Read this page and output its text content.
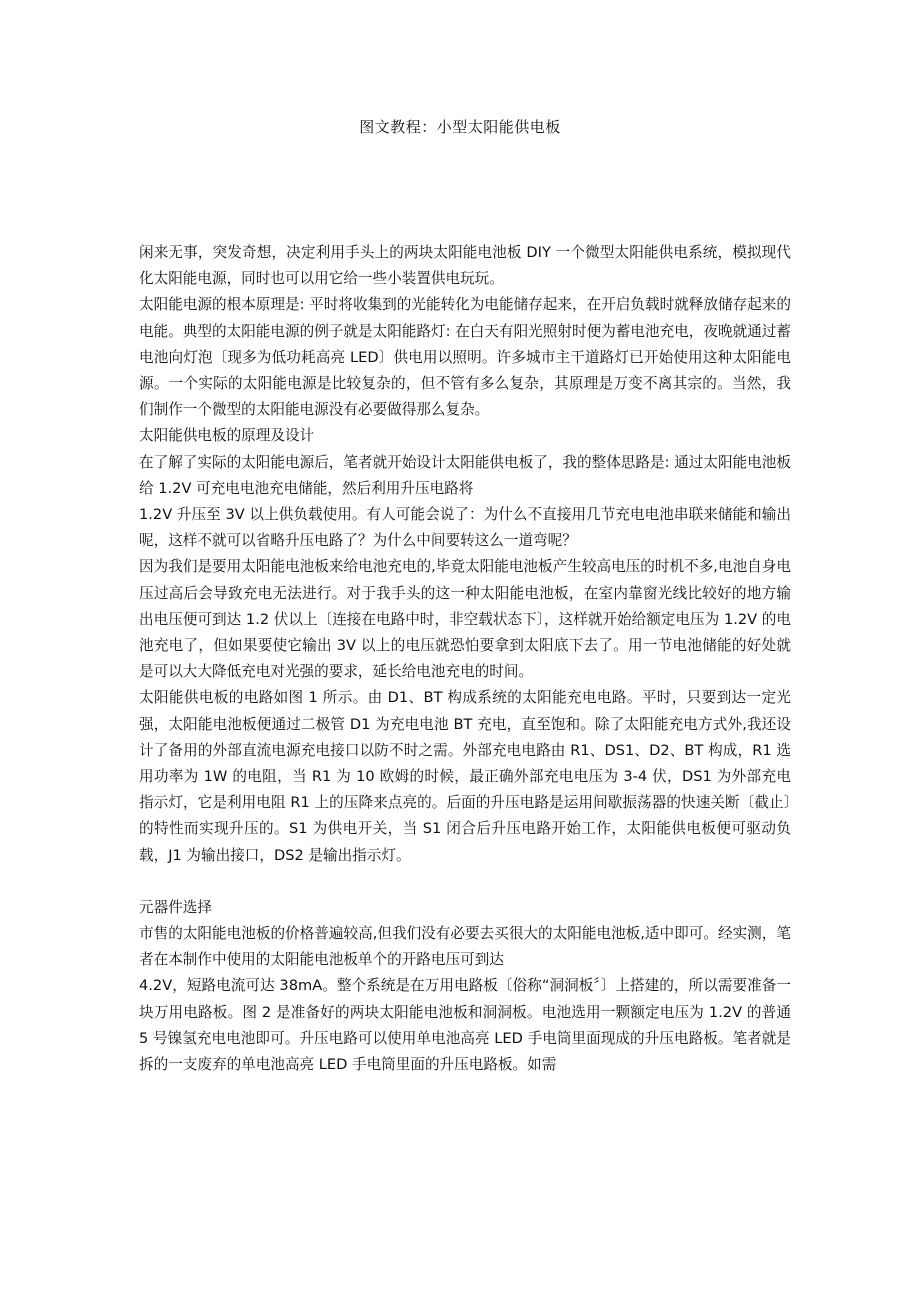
图文教程：小型太阳能供电板

闲来无事，突发奇想，决定利用手头上的两块太阳能电池板 DIY 一个微型太阳能供电系统，模拟现代化太阳能电源，同时也可以用它给一些小装置供电玩玩。

太阳能电源的根本原理是: 平时将收集到的光能转化为电能储存起来，在开启负载时就释放储存起来的电能。典型的太阳能电源的例子就是太阳能路灯: 在白天有阳光照射时便为蓄电池充电，夜晚就通过蓄电池向灯泡〔现多为低功耗高亮 LED〕供电用以照明。许多城市主干道路灯已开始使用这种太阳能电源。一个实际的太阳能电源是比较复杂的，但不管有多么复杂，其原理是万变不离其宗的。当然，我们制作一个微型的太阳能电源没有必要做得那么复杂。

太阳能供电板的原理及设计

在了解了实际的太阳能电源后，笔者就开始设计太阳能供电板了，我的整体思路是: 通过太阳能电池板给 1.2V 可充电电池充电储能，然后利用升压电路将

1.2V 升压至 3V 以上供负载使用。有人可能会说了：为什么不直接用几节充电电池串联来储能和输出呢，这样不就可以省略升压电路了？为什么中间要转这么一道弯呢？

因为我们是要用太阳能电池板来给电池充电的,毕竟太阳能电池板产生较高电压的时机不多,电池自身电压过高后会导致充电无法进行。对于我手头的这一种太阳能电池板，在室内靠窗光线比较好的地方输出电压便可到达 1.2 伏以上〔连接在电路中时，非空载状态下〕，这样就开始给额定电压为 1.2V 的电池充电了，但如果要使它输出 3V 以上的电压就恐怕要拿到太阳底下去了。用一节电池储能的好处就是可以大大降低充电对光强的要求，延长给电池充电的时间。

太阳能供电板的电路如图 1 所示。由 D1、BT 构成系统的太阳能充电电路。平时，只要到达一定光强，太阳能电池板便通过二极管 D1 为充电电池 BT 充电，直至饱和。除了太阳能充电方式外,我还设计了备用的外部直流电源充电接口以防不时之需。外部充电电路由 R1、DS1、D2、BT 构成，R1 选用功率为 1W 的电阻，当 R1 为 10 欧姆的时候，最正确外部充电电压为 3-4 伏，DS1 为外部充电指示灯，它是利用电阻 R1 上的压降来点亮的。后面的升压电路是运用间歇振荡器的快速关断〔截止〕的特性而实现升压的。S1 为供电开关，当 S1 闭合后升压电路开始工作，太阳能供电板便可驱动负载，J1 为输出接口，DS2 是输出指示灯。

元器件选择

市售的太阳能电池板的价格普遍较高,但我们没有必要去买很大的太阳能电池板,适中即可。经实测，笔者在本制作中使用的太阳能电池板单个的开路电压可到达

4.2V，短路电流可达 38mA。整个系统是在万用电路板〔俗称“洞洞板〞〕上搭建的，所以需要准备一块万用电路板。图 2 是准备好的两块太阳能电池板和洞洞板。电池选用一颗额定电压为 1.2V 的普通 5 号镍氢充电电池即可。升压电路可以使用单电池高亮 LED 手电筒里面现成的升压电路板。笔者就是拆的一支废弃的单电池高亮 LED 手电筒里面的升压电路板。如需
